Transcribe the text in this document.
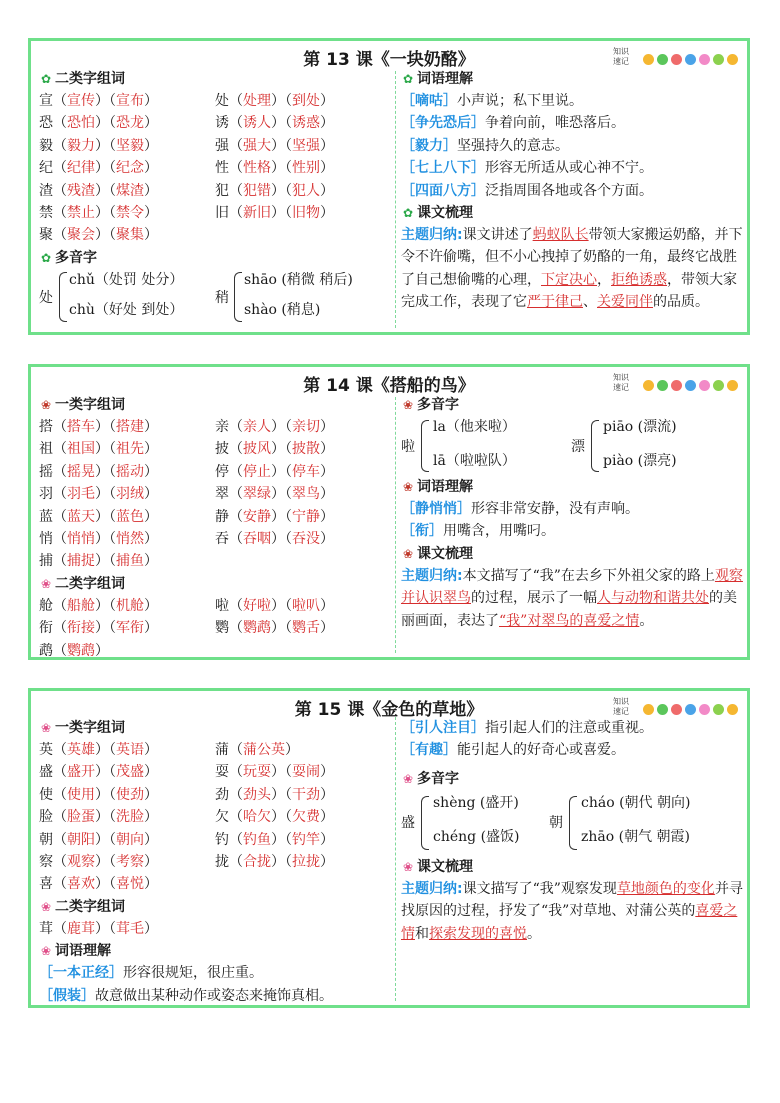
第 13 课《一块奶酪》	知识
速记
✿ 二类字组词
宣（宣传）（宣布）	处（处理）（到处）
恐（恐怕）（恐龙）	诱（诱人）（诱惑）
毅（毅力）（坚毅）	强（强大）（坚强）
纪（纪律）（纪念）	性（性格）（性别）
渣（残渣）（煤渣）	犯（犯错）（犯人）
禁（禁止）（禁令）	旧（新旧）（旧物）
聚（聚会）（聚集）
✿ 多音字
处
chǔ（处罚 处分）
chù（好处 到处）
稍
shāo (稍微 稍后)
shào (稍息)
✿ 词语理解
［嘀咕］小声说；私下里说。
［争先恐后］争着向前，唯恐落后。
［毅力］坚强持久的意志。
［七上八下］形容无所适从或心神不宁。
［四面八方］泛指周围各地或各个方面。
✿ 课文梳理
主题归纳:课文讲述了蚂蚁队长带领大家搬运奶酪，并下令不许偷嘴，但不小心拽掉了奶酪的一角，最终它战胜了自己想偷嘴的心理，下定决心，拒绝诱惑，带领大家完成工作，表现了它严于律己、关爱同伴的品质。
第 14 课《搭船的鸟》	知识
速记
❀ 一类字组词
搭（搭车）（搭建）	亲（亲人）（亲切）
祖（祖国）（祖先）	披（披风）（披散）
摇（摇晃）（摇动）	停（停止）（停车）
羽（羽毛）（羽绒）	翠（翠绿）（翠鸟）
蓝（蓝天）（蓝色）	静（安静）（宁静）
悄（悄悄）（悄然）	吞（吞咽）（吞没）
捕（捕捉）（捕鱼）
❀ 二类字组词
舱（船舱）（机舱）	啦（好啦）（啦叭）
衔（衔接）（军衔）	鹦（鹦鹉）（鹦舌）
鹉（鹦鹉）
❀ 多音字
啦
la（他来啦）
lā（啦啦队）
漂
piāo (漂流)
piào (漂亮)
❀ 词语理解
［静悄悄］形容非常安静，没有声响。
［衔］用嘴含，用嘴叼。
❀ 课文梳理
主题归纳:本文描写了“我”在去乡下外祖父家的路上观察并认识翠鸟的过程，展示了一幅人与动物和谐共处的美丽画面，表达了“我”对翠鸟的喜爱之情。
第 15 课《金色的草地》	知识
速记
❀ 一类字组词
英（英雄）（英语）	蒲（蒲公英）
盛（盛开）（茂盛）	耍（玩耍）（耍闹）
使（使用）（使劲）	劲（劲头）（干劲）
脸（脸蛋）（洗脸）	欠（哈欠）（欠费）
朝（朝阳）（朝向）	钓（钓鱼）（钓竿）
察（观察）（考察）	拢（合拢）（拉拢）
喜（喜欢）（喜悦）
❀ 二类字组词
茸（鹿茸）（茸毛）
❀ 词语理解
［一本正经］形容很规矩，很庄重。
［假装］故意做出某种动作或姿态来掩饰真相。
［引人注目］指引起人们的注意或重视。
［有趣］能引起人的好奇心或喜爱。
❀ 多音字
盛
shèng (盛开)
chéng (盛饭)
朝
cháo (朝代 朝向)
zhāo (朝气 朝霞)
❀ 课文梳理
主题归纳:课文描写了“我”观察发现草地颜色的变化并寻找原因的过程，抒发了“我”对草地、对蒲公英的喜爱之情和探索发现的喜悦。
